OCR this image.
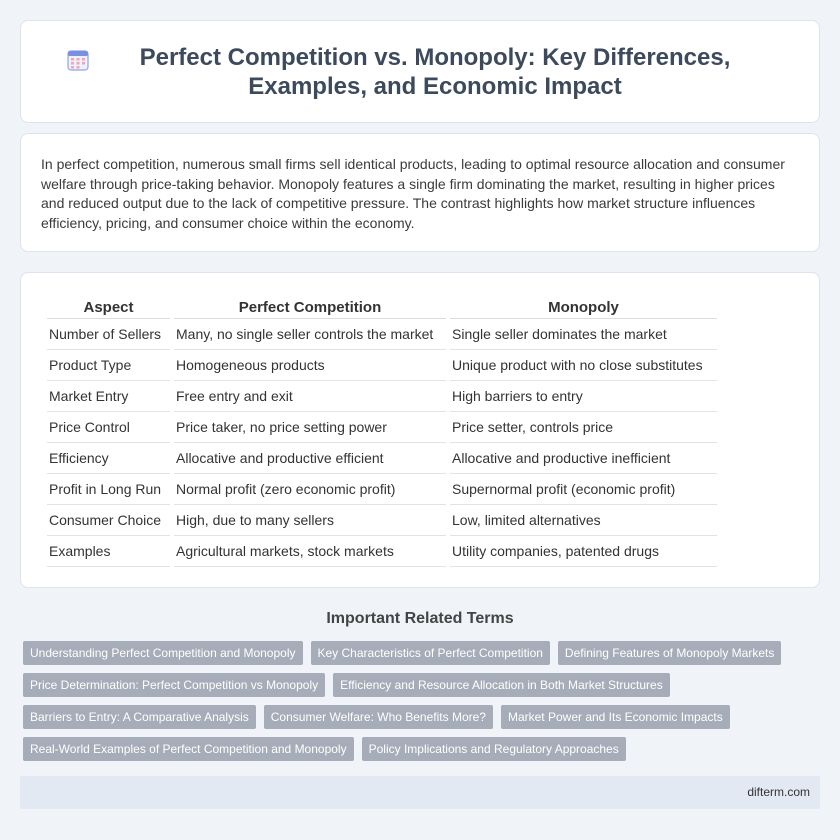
Perfect Competition vs. Monopoly: Key Differences, Examples, and Economic Impact

In perfect competition, numerous small firms sell identical products, leading to optimal resource allocation and consumer welfare through price-taking behavior. Monopoly features a single firm dominating the market, resulting in higher prices and reduced output due to the lack of competitive pressure. The contrast highlights how market structure influences efficiency, pricing, and consumer choice within the economy.

Aspect	Perfect Competition	Monopoly
Number of Sellers	Many, no single seller controls the market	Single seller dominates the market
Product Type	Homogeneous products	Unique product with no close substitutes
Market Entry	Free entry and exit	High barriers to entry
Price Control	Price taker, no price setting power	Price setter, controls price
Efficiency	Allocative and productive efficient	Allocative and productive inefficient
Profit in Long Run	Normal profit (zero economic profit)	Supernormal profit (economic profit)
Consumer Choice	High, due to many sellers	Low, limited alternatives
Examples	Agricultural markets, stock markets	Utility companies, patented drugs
Important Related Terms
Understanding Perfect Competition and Monopoly	Key Characteristics of Perfect Competition	Defining Features of Monopoly Markets
Price Determination: Perfect Competition vs Monopoly	Efficiency and Resource Allocation in Both Market Structures
Barriers to Entry: A Comparative Analysis	Consumer Welfare: Who Benefits More?	Market Power and Its Economic Impacts
Real-World Examples of Perfect Competition and Monopoly	Policy Implications and Regulatory Approaches
difterm.com
